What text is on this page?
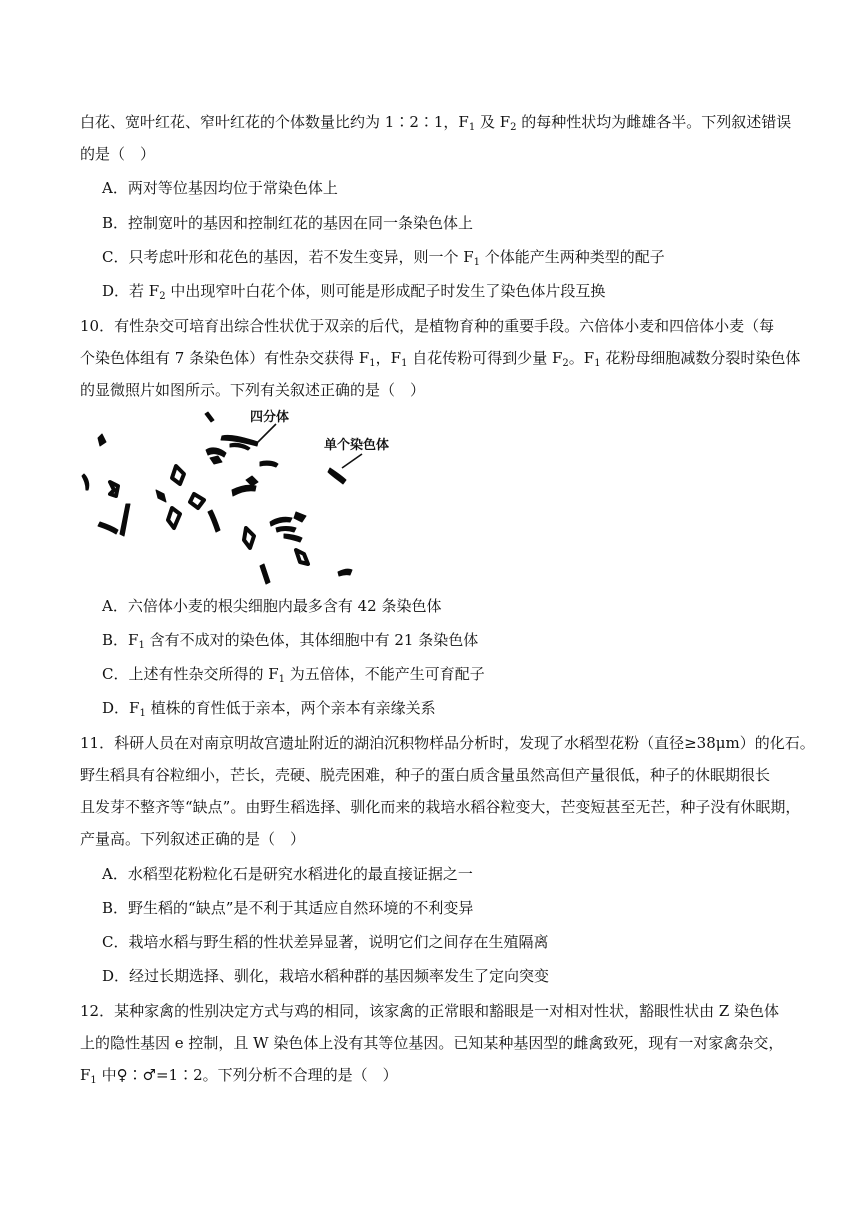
白花、宽叶红花、窄叶红花的个体数量比约为 1∶2∶1，$F_1$ 及 $F_2$ 的每种性状均为雌雄各半。下列叙述错误
的是（　）
A．两对等位基因均位于常染色体上
B．控制宽叶的基因和控制红花的基因在同一条染色体上
C．只考虑叶形和花色的基因，若不发生变异，则一个 $F_1$ 个体能产生两种类型的配子
D．若 $F_2$ 中出现窄叶白花个体，则可能是形成配子时发生了染色体片段互换
10．有性杂交可培育出综合性状优于双亲的后代，是植物育种的重要手段。六倍体小麦和四倍体小麦（每
个染色体组有 7 条染色体）有性杂交获得 $F_1$，$F_1$ 自花传粉可得到少量 $F_2$。$F_1$ 花粉母细胞减数分裂时染色体
的显微照片如图所示。下列有关叙述正确的是（　）
四分体
单个染色体
A．六倍体小麦的根尖细胞内最多含有 42 条染色体
B．$F_1$ 含有不成对的染色体，其体细胞中有 21 条染色体
C．上述有性杂交所得的 $F_1$ 为五倍体，不能产生可育配子
D．$F_1$ 植株的育性低于亲本，两个亲本有亲缘关系
11．科研人员在对南京明故宫遗址附近的湖泊沉积物样品分析时，发现了水稻型花粉（直径≥38μm）的化石。
野生稻具有谷粒细小，芒长，壳硬、脱壳困难，种子的蛋白质含量虽然高但产量很低，种子的休眠期很长
且发芽不整齐等“缺点”。由野生稻选择、驯化而来的栽培水稻谷粒变大，芒变短甚至无芒，种子没有休眠期，
产量高。下列叙述正确的是（　）
A．水稻型花粉粒化石是研究水稻进化的最直接证据之一
B．野生稻的“缺点”是不利于其适应自然环境的不利变异
C．栽培水稻与野生稻的性状差异显著，说明它们之间存在生殖隔离
D．经过长期选择、驯化，栽培水稻种群的基因频率发生了定向突变
12．某种家禽的性别决定方式与鸡的相同，该家禽的正常眼和豁眼是一对相对性状，豁眼性状由 Z 染色体
上的隐性基因 e 控制，且 W 染色体上没有其等位基因。已知某种基因型的雌禽致死，现有一对家禽杂交，
$F_1$ 中♀∶♂=1∶2。下列分析不合理的是（　）
